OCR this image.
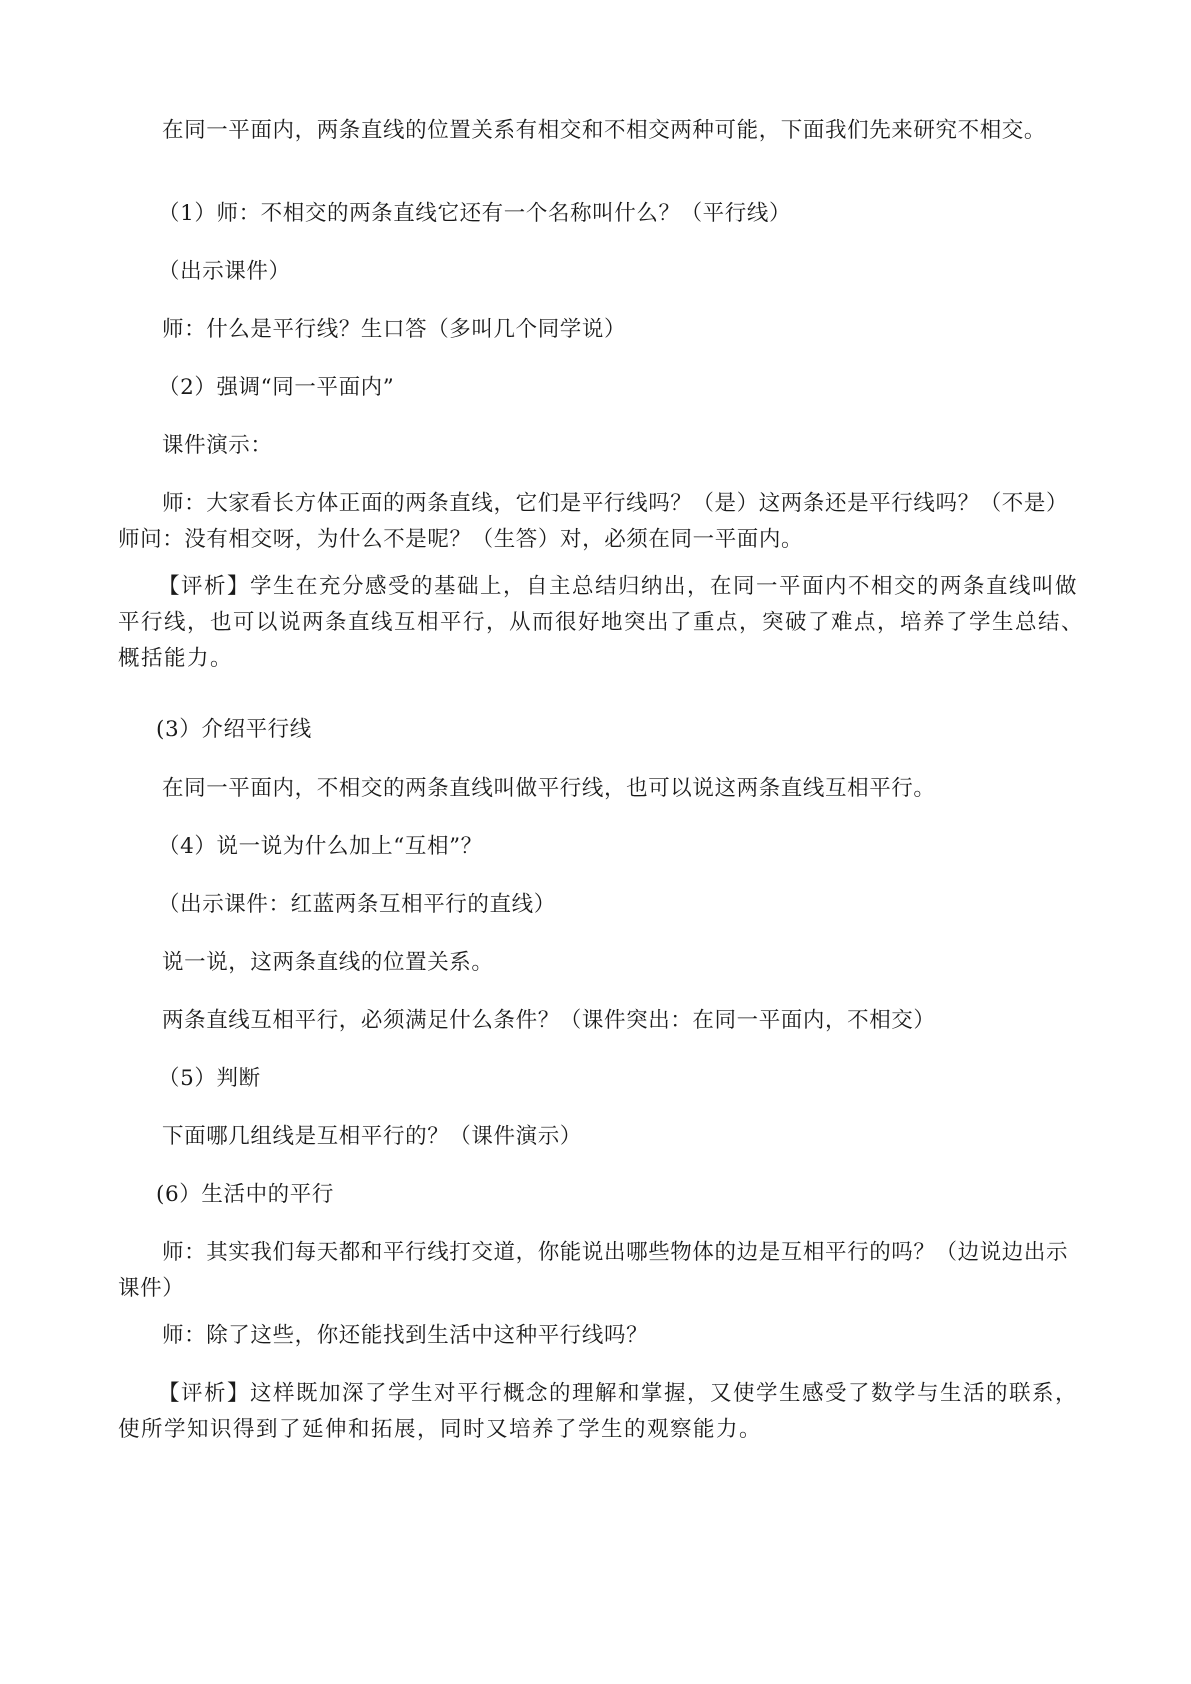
在同一平面内，两条直线的位置关系有相交和不相交两种可能，下面我们先来研究不相交。

（1）师：不相交的两条直线它还有一个名称叫什么？（平行线）

（出示课件）

师：什么是平行线？生口答（多叫几个同学说）

（2）强调“同一平面内”

课件演示：

师：大家看长方体正面的两条直线，它们是平行线吗？（是）这两条还是平行线吗？（不是）师问：没有相交呀，为什么不是呢？（生答）对，必须在同一平面内。

【评析】学生在充分感受的基础上，自主总结归纳出，在同一平面内不相交的两条直线叫做平行线，也可以说两条直线互相平行，从而很好地突出了重点，突破了难点，培养了学生总结、概括能力。

(3）介绍平行线

在同一平面内，不相交的两条直线叫做平行线，也可以说这两条直线互相平行。

（4）说一说为什么加上“互相”？

（出示课件：红蓝两条互相平行的直线）

说一说，这两条直线的位置关系。

两条直线互相平行，必须满足什么条件？（课件突出：在同一平面内，不相交）

（5）判断

下面哪几组线是互相平行的？（课件演示）

(6）生活中的平行

师：其实我们每天都和平行线打交道，你能说出哪些物体的边是互相平行的吗？（边说边出示课件）

师：除了这些，你还能找到生活中这种平行线吗？

【评析】这样既加深了学生对平行概念的理解和掌握，又使学生感受了数学与生活的联系，使所学知识得到了延伸和拓展，同时又培养了学生的观察能力。
